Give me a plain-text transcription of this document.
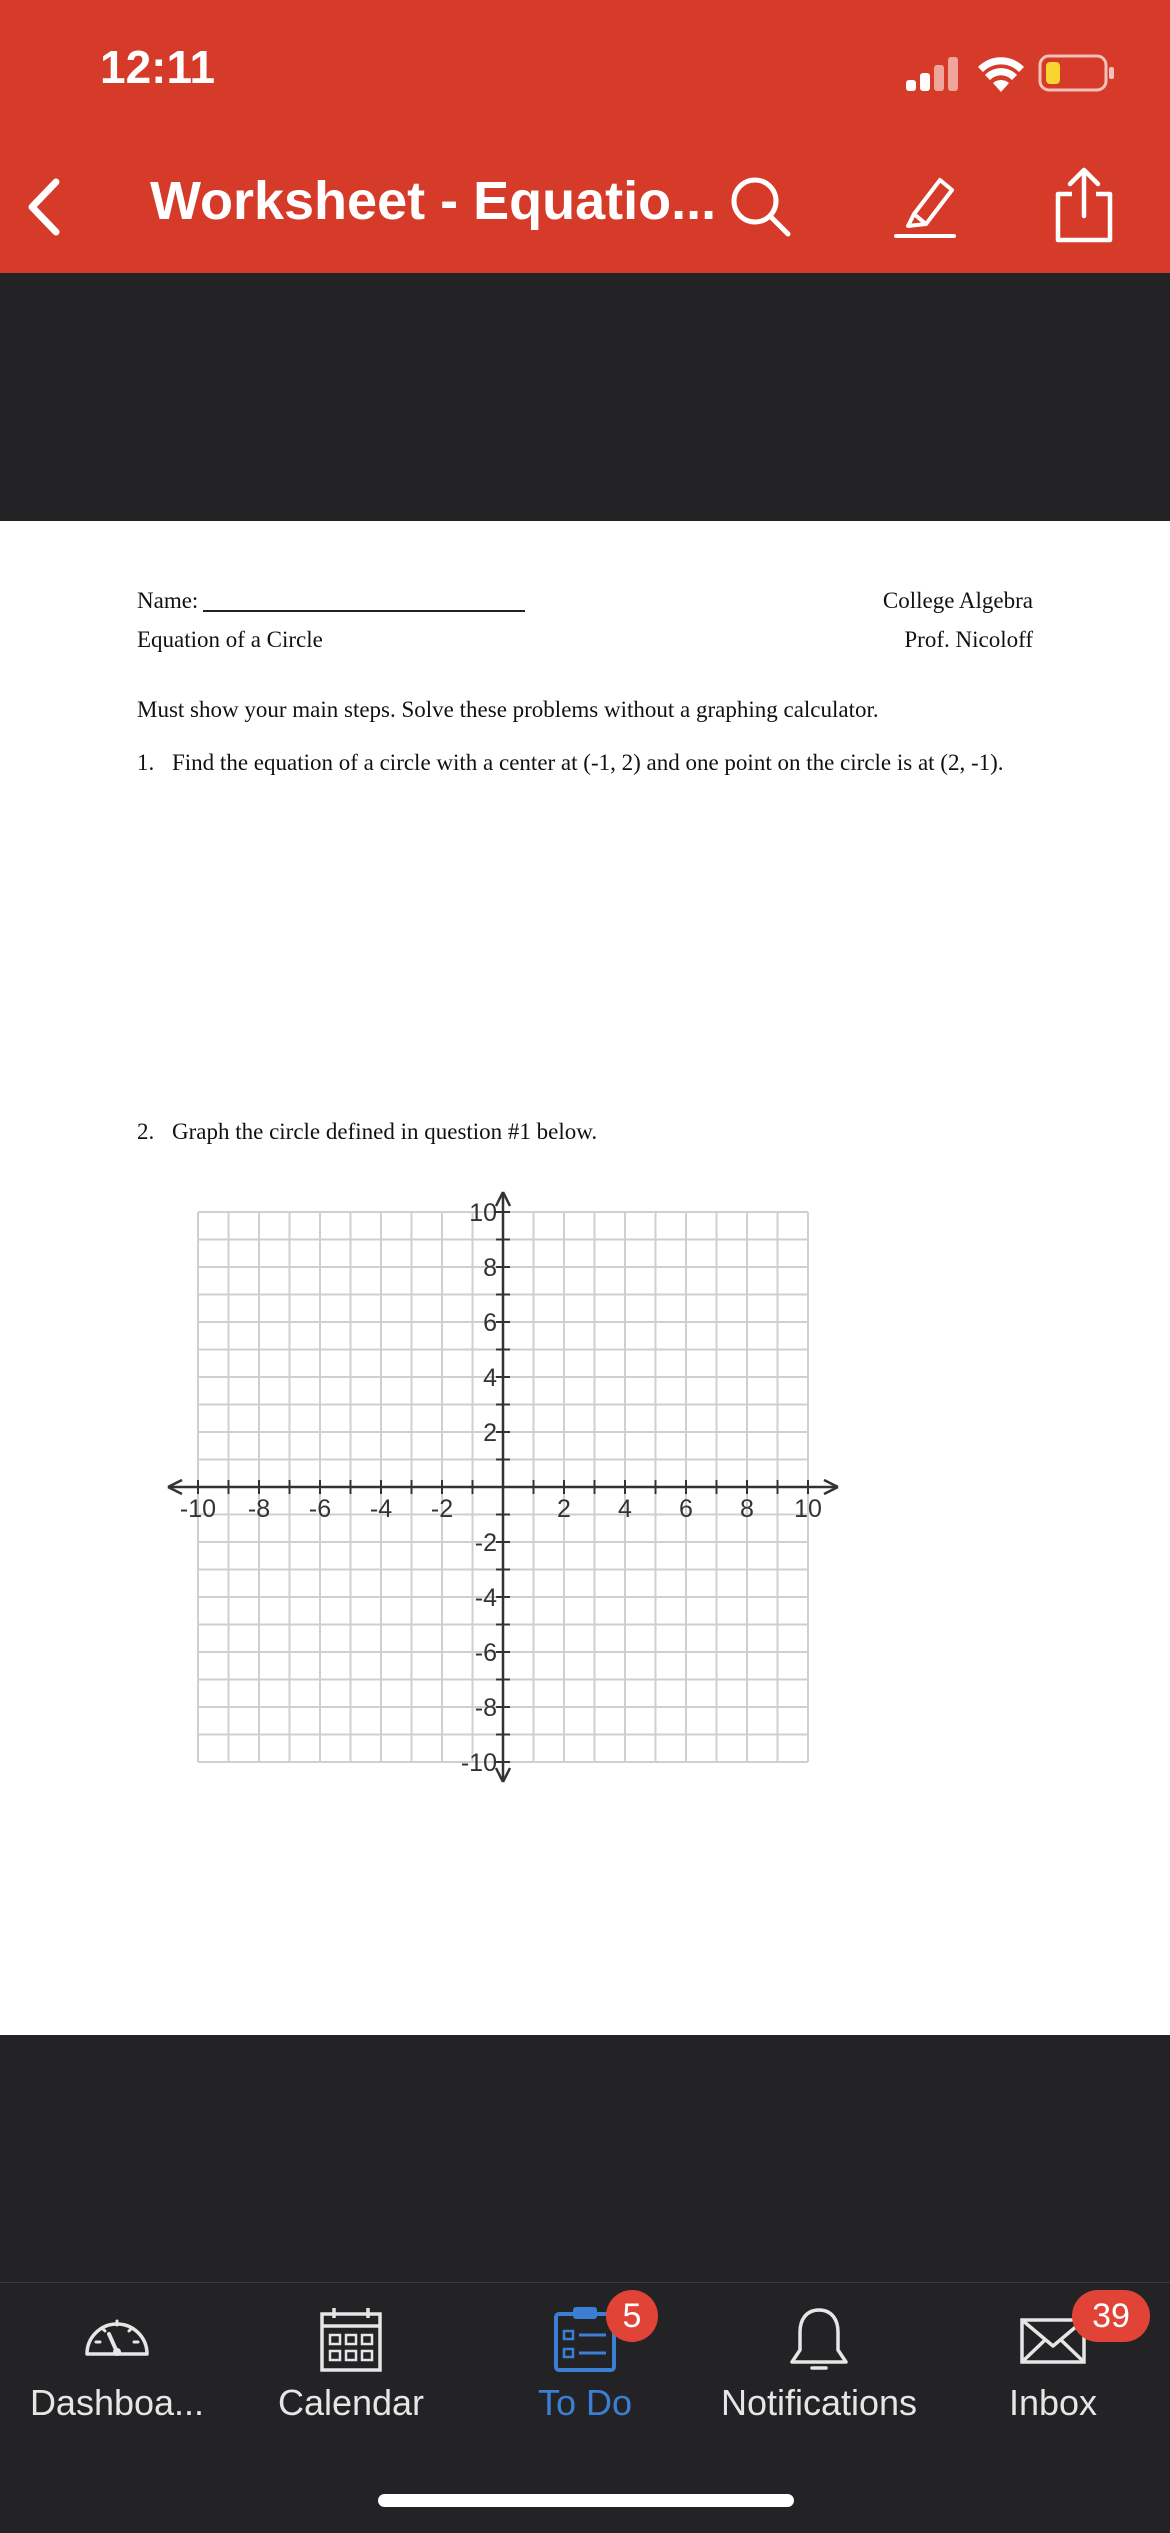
12:11
Worksheet - Equatio...
Name:
Equation of a Circle
College Algebra
Prof. Nicoloff
Must show your main steps. Solve these problems without a graphing calculator.
1. Find the equation of a circle with a center at (-1, 2) and one point on the circle is at (2, -1).
2. Graph the circle defined in question #1 below.
-10 -8 -6 -4 -2	2 4 6 8 10
10
8
6
4
2
-2
-4
-6
-8
-10
Dashboa...	Calendar	To Do
5
Notifications	Inbox
39
